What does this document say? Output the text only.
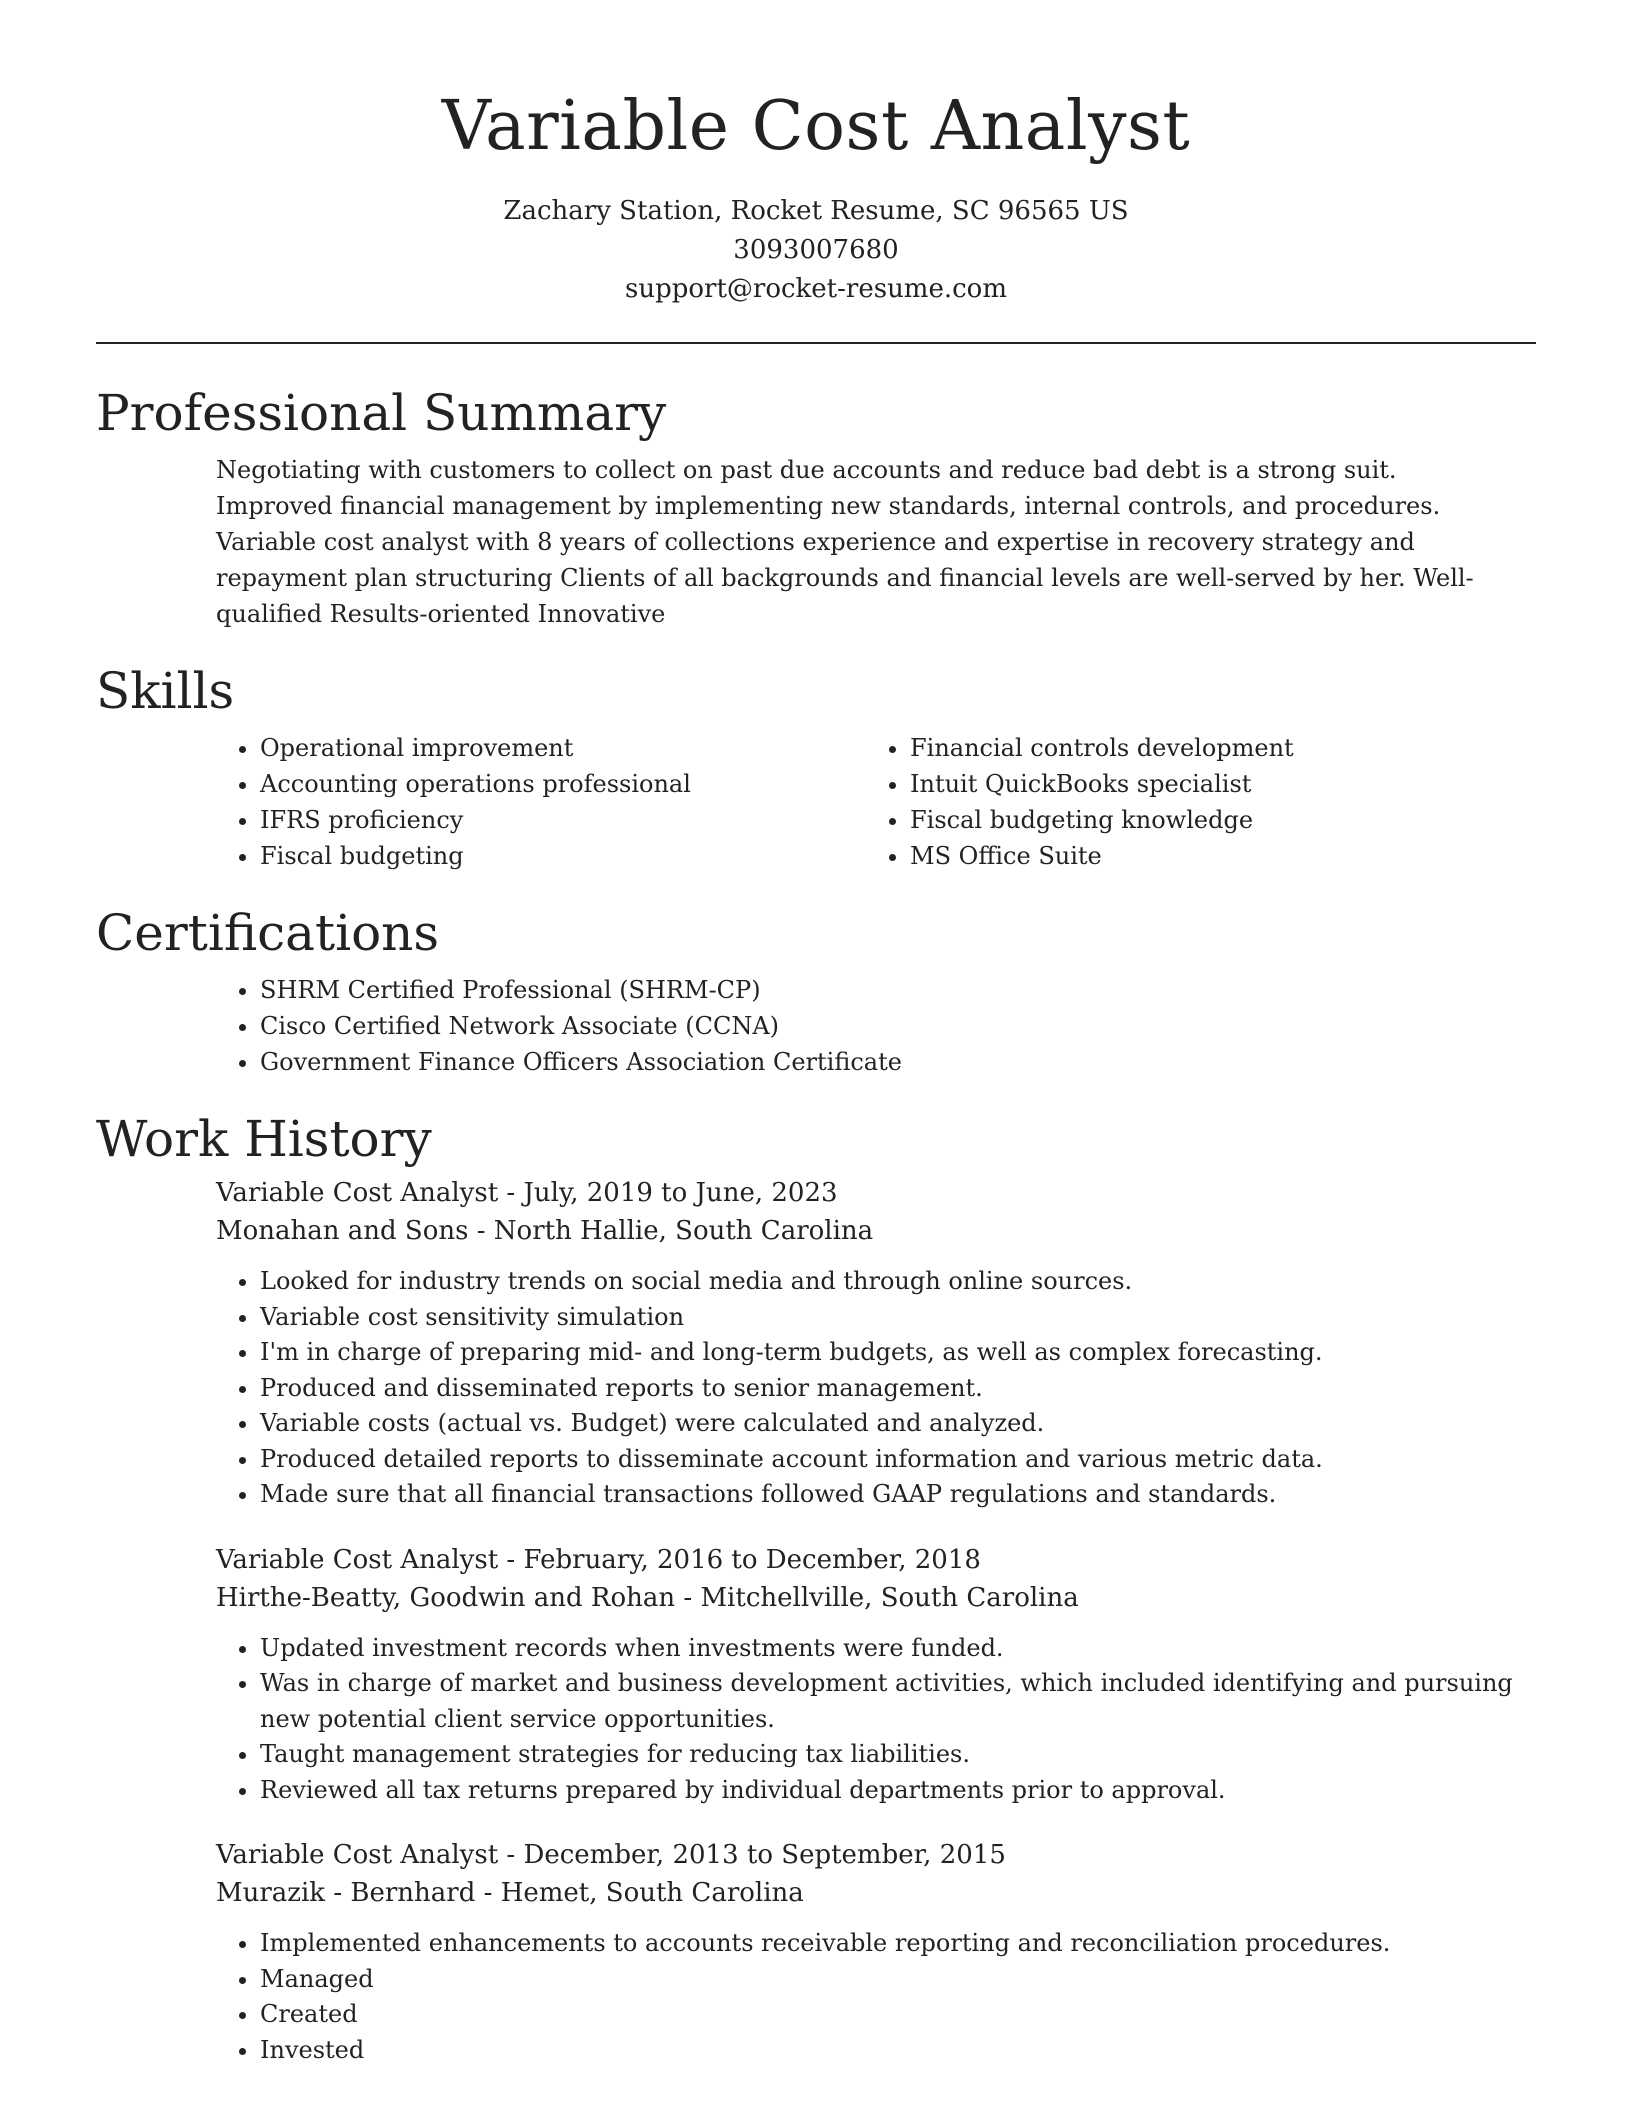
Variable Cost Analyst
Zachary Station, Rocket Resume, SC 96565 US
3093007680
support@rocket-resume.com
Professional Summary
Negotiating with customers to collect on past due accounts and reduce bad debt is a strong suit. Improved financial management by implementing new standards, internal controls, and procedures. Variable cost analyst with 8 years of collections experience and expertise in recovery strategy and repayment plan structuring Clients of all backgrounds and financial levels are well-served by her. Well-qualified Results-oriented Innovative
Skills
• Operational improvement
• Accounting operations professional
• IFRS proficiency
• Fiscal budgeting
• Financial controls development
• Intuit QuickBooks specialist
• Fiscal budgeting knowledge
• MS Office Suite
Certifications
• SHRM Certified Professional (SHRM-CP)
• Cisco Certified Network Associate (CCNA)
• Government Finance Officers Association Certificate
Work History
Variable Cost Analyst - July, 2019 to June, 2023
Monahan and Sons - North Hallie, South Carolina
• Looked for industry trends on social media and through online sources.
• Variable cost sensitivity simulation
• I'm in charge of preparing mid- and long-term budgets, as well as complex forecasting.
• Produced and disseminated reports to senior management.
• Variable costs (actual vs. Budget) were calculated and analyzed.
• Produced detailed reports to disseminate account information and various metric data.
• Made sure that all financial transactions followed GAAP regulations and standards.
Variable Cost Analyst - February, 2016 to December, 2018
Hirthe-Beatty, Goodwin and Rohan - Mitchellville, South Carolina
• Updated investment records when investments were funded.
• Was in charge of market and business development activities, which included identifying and pursuing new potential client service opportunities.
• Taught management strategies for reducing tax liabilities.
• Reviewed all tax returns prepared by individual departments prior to approval.
Variable Cost Analyst - December, 2013 to September, 2015
Murazik - Bernhard - Hemet, South Carolina
• Implemented enhancements to accounts receivable reporting and reconciliation procedures.
• Managed
• Created
• Invested
